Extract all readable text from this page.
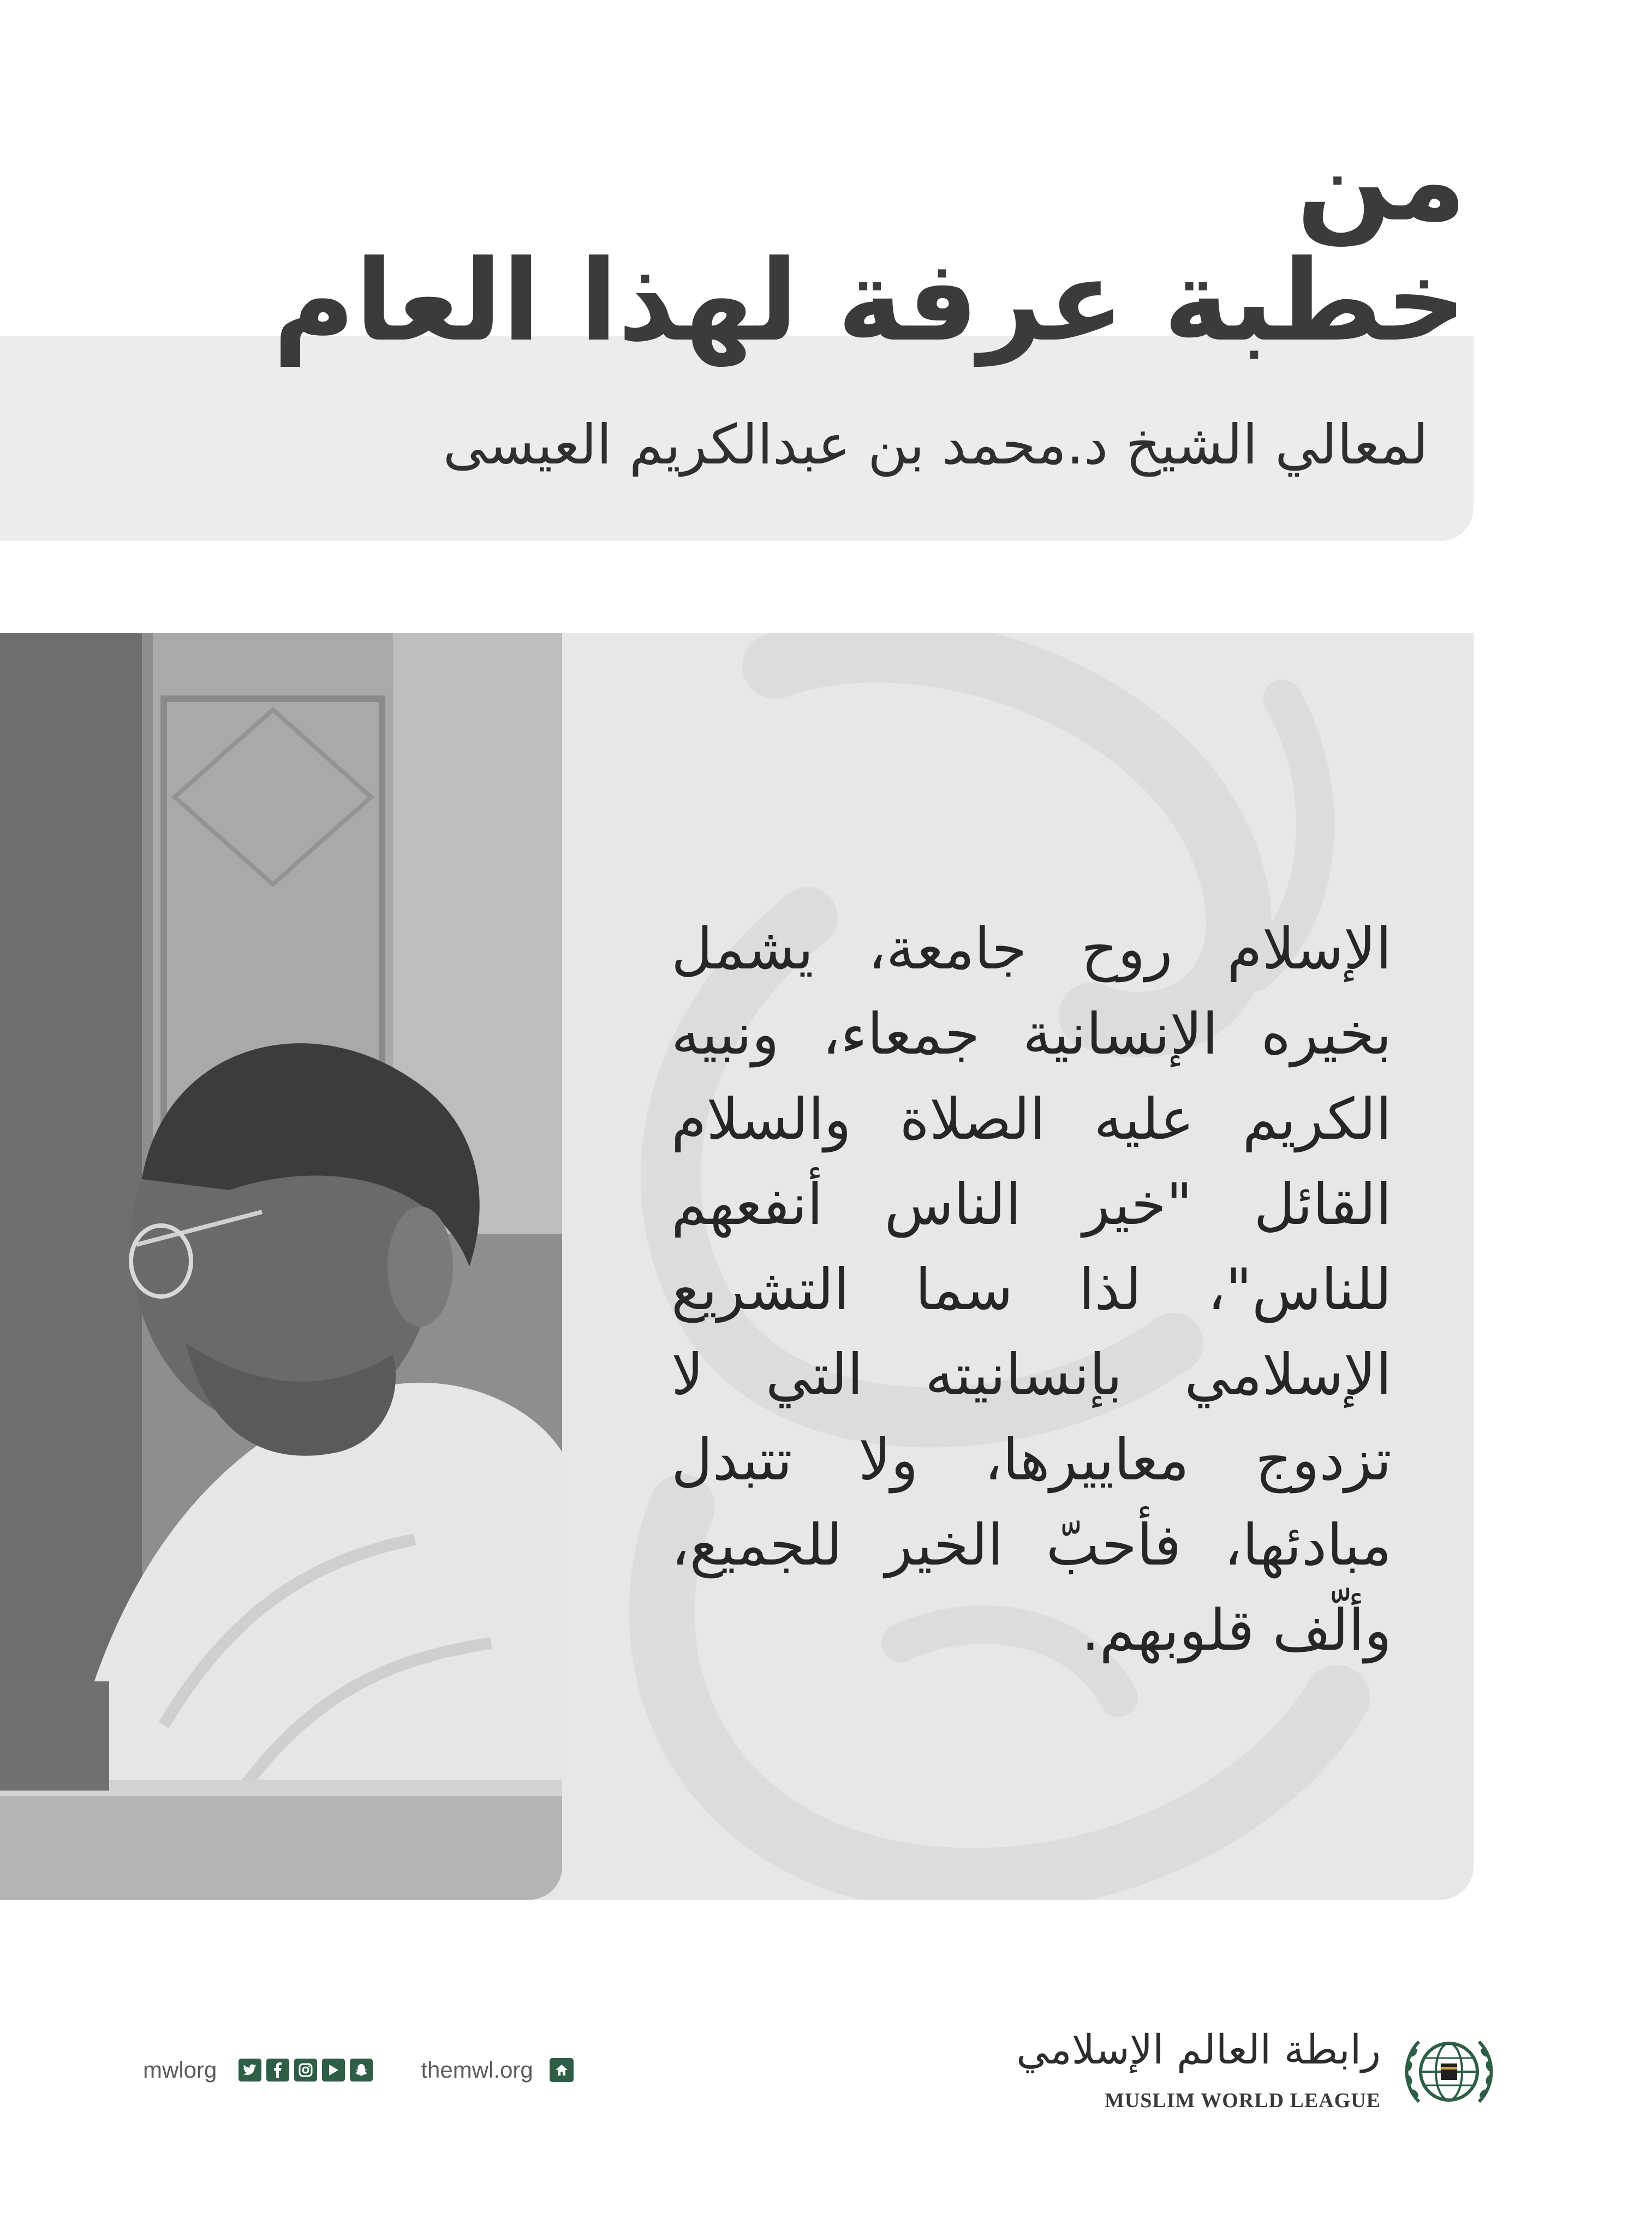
من
خطبة عرفة لهذا العام
لمعالي الشيخ د.محمد بن عبدالكريم العيسى

الإسلام روح جامعة، يشمل بخيره الإنسانية جمعاء، ونبيه الكريم عليه الصلاة والسلام القائل "خير الناس أنفعهم للناس"، لذا سما التشريع الإسلامي بإنسانيته التي لا تزدوج معاييرها، ولا تتبدل مبادئها، فأحبّ الخير للجميع، وألّف قلوبهم.

mwlorg	themwl.org	رابطة العالم الإسلامي
MUSLIM WORLD LEAGUE
